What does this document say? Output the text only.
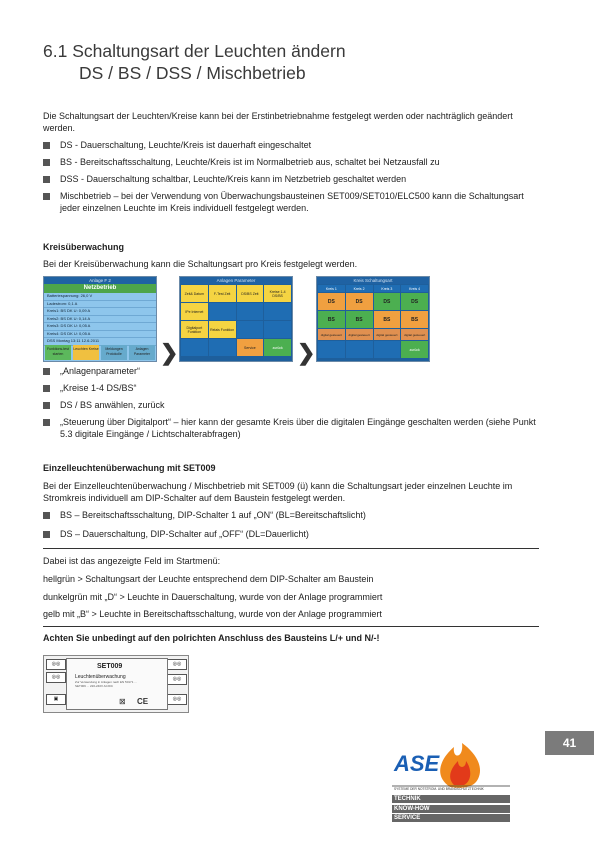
6.1 Schaltungsart der Leuchten ändern
DS / BS / DSS / Mischbetrieb
Die Schaltungsart der Leuchten/Kreise kann bei der Erstinbetriebnahme festgelegt werden oder nachträglich geändert werden.
DS - Dauerschaltung, Leuchte/Kreis ist dauerhaft eingeschaltet
BS - Bereitschaftsschaltung, Leuchte/Kreis ist im Normalbetrieb aus, schaltet bei Netzausfall zu
DSS - Dauerschaltung schaltbar, Leuchte/Kreis kann im Netzbetrieb geschaltet werden
Mischbetrieb – bei der Verwendung von Überwachungsbausteinen SET009/SET010/ELC500 kann die Schaltungsart jeder einzelnen Leuchte im Kreis individuell festgelegt werden.
Kreisüberwachung
Bei der Kreisüberwachung kann die Schaltungsart pro Kreis festgelegt werden.
Anlage F 2
Netzbetrieb
Batteriespannung: 26,0 V
Ladestrom: 0,1 A
Kreis1: BS DK U: 0,09 A
Kreis2: BS DK U: 0,14 A
Kreis3: DS DK U: 0,05 A
Kreis4: DS DK U: 0,05 A
DSS Montag 13:11 12.6.2011
Funktions-test starten
Leuchten Kreise	Meldungen Protokolle
Anlagen Parameter ❯
Anlagen Parameter
Zeit& Datum	F-Test Zeit	DS/BS Zeit	Kreise 1-4 DS/BS
IPe Internet
Digitalport Funktion	Relais Funktion
Service	zurück ❯
Kreis Schaltungsart
Kreis 1	Kreis 2	Kreis 3	Kreis 4
DS	DS	DS	DS
BS	BS	BS	BS
digital gesteuert	digital gesteuert	digital gesteuert	digital gesteuert
zurück
„Anlagenparameter“
„Kreise 1-4 DS/BS“
DS / BS anwählen, zurück
„Steuerung über Digitalport“ – hier kann der gesamte Kreis über die digitalen Eingänge geschalten werden (siehe Punkt 5.3 digitale Eingänge / Lichtschalterabfragen)
Einzelleuchtenüberwachung mit SET009
Bei der Einzelleuchtenüberwachung / Mischbetrieb mit SET009 (ü) kann die Schaltungsart jeder einzelnen Leuchte im Stromkreis individuell am DIP-Schalter auf dem Baustein festgelegt werden.
BS – Bereitschaftsschaltung, DIP-Schalter 1 auf „ON“ (BL=Bereitschaftslicht)
DS – Dauerschaltung, DIP-Schalter auf „OFF“ (DL=Dauerlicht)
Dabei ist das angezeigte Feld im Startmenü:
hellgrün > Schaltungsart der Leuchte entsprechend dem DIP-Schalter am Baustein
dunkelgrün mit „D“ > Leuchte in Dauerschaltung, wurde von der Anlage programmiert
gelb mit „B“ > Leuchte in Bereitschaftsschaltung, wurde von der Anlage programmiert
Achten Sie unbedingt auf den polrichten Anschluss des Bausteins L/+ und N/-!
◎◎
◎◎
▣
◎◎
◎◎
◎◎
SET009
Leuchtenüberwachung
Zur Verwendung in Anlagen nach EN 50171 ... SET009 ... 220-240V AC/DC
CE
⊠
41
ASE
SYSTEME DER NOTSTROM- UND BRANDSCHUTZTECHNIK
TECHNIK
KNOW-HOW
SERVICE
